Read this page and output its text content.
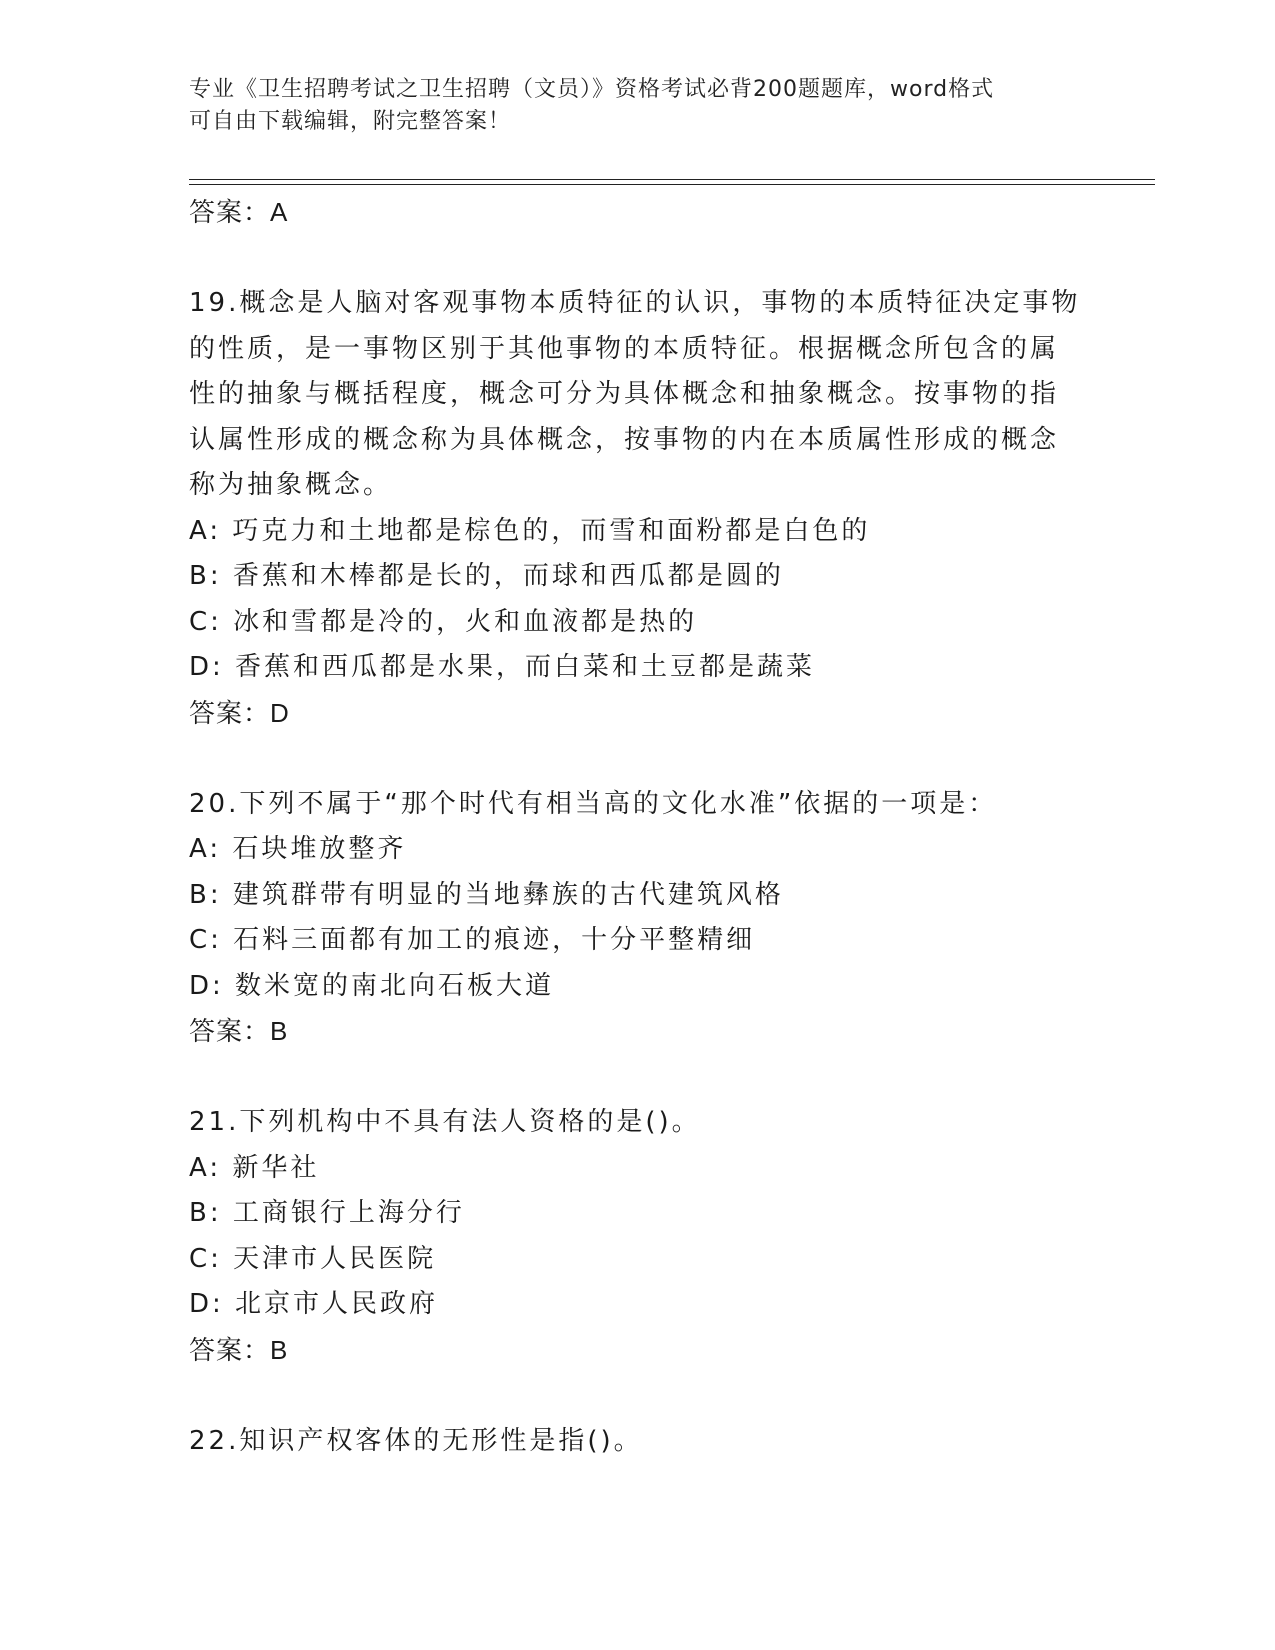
专业《卫生招聘考试之卫生招聘（文员）》资格考试必背200题题库，word格式
可自由下载编辑，附完整答案！
答案：A
19.概念是人脑对客观事物本质特征的认识，事物的本质特征决定事物
的性质，是一事物区别于其他事物的本质特征。根据概念所包含的属
性的抽象与概括程度，概念可分为具体概念和抽象概念。按事物的指
认属性形成的概念称为具体概念，按事物的内在本质属性形成的概念
称为抽象概念。
A: 巧克力和土地都是棕色的，而雪和面粉都是白色的
B: 香蕉和木棒都是长的，而球和西瓜都是圆的
C: 冰和雪都是冷的，火和血液都是热的
D: 香蕉和西瓜都是水果，而白菜和土豆都是蔬菜
答案：D
20.下列不属于“那个时代有相当高的文化水准”依据的一项是：
A: 石块堆放整齐
B: 建筑群带有明显的当地彝族的古代建筑风格
C: 石料三面都有加工的痕迹，十分平整精细
D: 数米宽的南北向石板大道
答案：B
21.下列机构中不具有法人资格的是()。
A: 新华社
B: 工商银行上海分行
C: 天津市人民医院
D: 北京市人民政府
答案：B
22.知识产权客体的无形性是指()。
